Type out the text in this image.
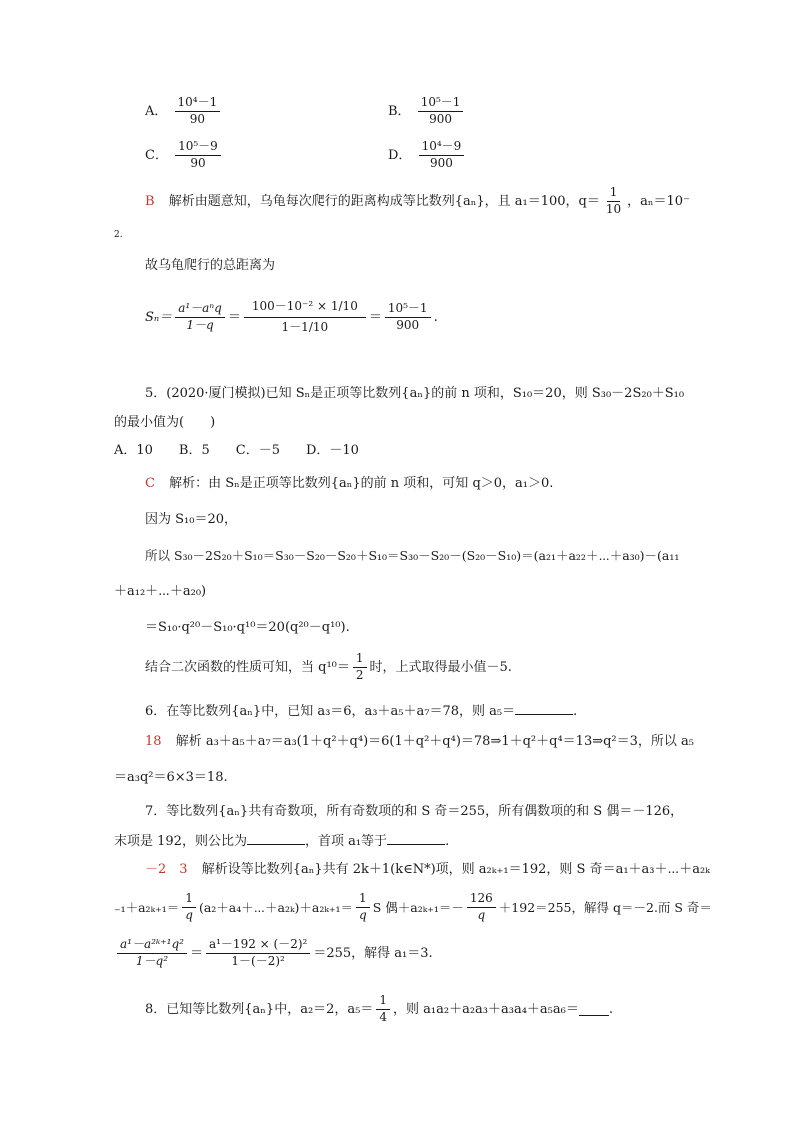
A． $\frac{\text{10⁴－1}}{90}$	B． $\frac{\text{10⁵－1}}{900}$
C． $\frac{\text{10⁵－9}}{90}$	D． $\frac{\text{10⁴－9}}{900}$
B 解析由题意知，乌龟每次爬行的距离构成等比数列{aₙ}，且 a₁＝100，$q= \frac{1}{10}$ ，aₙ＝10⁻
2.
故乌龟爬行的总距离为
$S_n= \frac{\text{a¹－aⁿq}}{1-q} = \frac{\text{100－10⁻² × 1/10}}{1-1/10} = \frac{\text{10⁵－1}}{900}$ .
5．(2020·厦门模拟)已知 Sₙ是正项等比数列{aₙ}的前 n 项和，S₁₀＝20，则 S₃₀－2S₂₀＋S₁₀
的最小值为(　　)
A．10　　B．5　　C．－5　　D．－10
C 解析：由 Sₙ是正项等比数列{aₙ}的前 n 项和，可知 q＞0，a₁＞0.
因为 S₁₀＝20，
所以 S₃₀－2S₂₀＋S₁₀＝S₃₀－S₂₀－S₂₀＋S₁₀＝S₃₀－S₂₀－(S₂₀－S₁₀)＝(a₂₁＋a₂₂＋⋯＋a₃₀)－(a₁₁
＋a₁₂＋⋯＋a₂₀)
＝S₁₀·q²⁰－S₁₀·q¹⁰＝20(q²⁰－q¹⁰).
结合二次函数的性质可知，当 $q^{10}= \frac{1}{2}$ 时，上式取得最小值－5.
6．在等比数列{aₙ}中，已知 a₃＝6，a₃＋a₅＋a₇＝78，则 a₅＝	.
18 解析 a₃＋a₅＋a₇＝a₃(1＋q²＋q⁴)＝6(1＋q²＋q⁴)＝78⇒1＋q²＋q⁴＝13⇒q²＝3，所以 a₅
＝a₃q²＝6×3＝18.
7．等比数列{aₙ}共有奇数项，所有奇数项的和 S 奇＝255，所有偶数项的和 S 偶＝－126，
末项是 192，则公比为	，首项 a₁等于	.
－2　3 解析设等比数列{aₙ}共有 2k＋1(k∈N*)项，则 a₂ₖ₊₁＝192，则 S 奇＝a₁＋a₃＋⋯＋a₂ₖ
$_{-1}+a_{2k+1}= \frac{1}{q}$ (a₂＋a₄＋⋯＋a₂ₖ)＋a₂ₖ₊₁＝ $\frac{1}{q}$ S 偶$+a_{2k+1}=- \frac{126}{q} +192=255$，解得 q＝－2.而 S 奇＝
$\frac{\text{a¹－a²ᵏ⁺¹q²}}{\text{1－q²}} = \frac{\text{a¹－192 × (－2)²}}{\text{1－(－2)²}} =255$，解得 a₁＝3.
8．已知等比数列{aₙ}中，a₂＝2，$a_5= \frac{1}{4}$ ，则 a₁a₂＋a₂a₃＋a₃a₄＋a₅a₆＝ .
